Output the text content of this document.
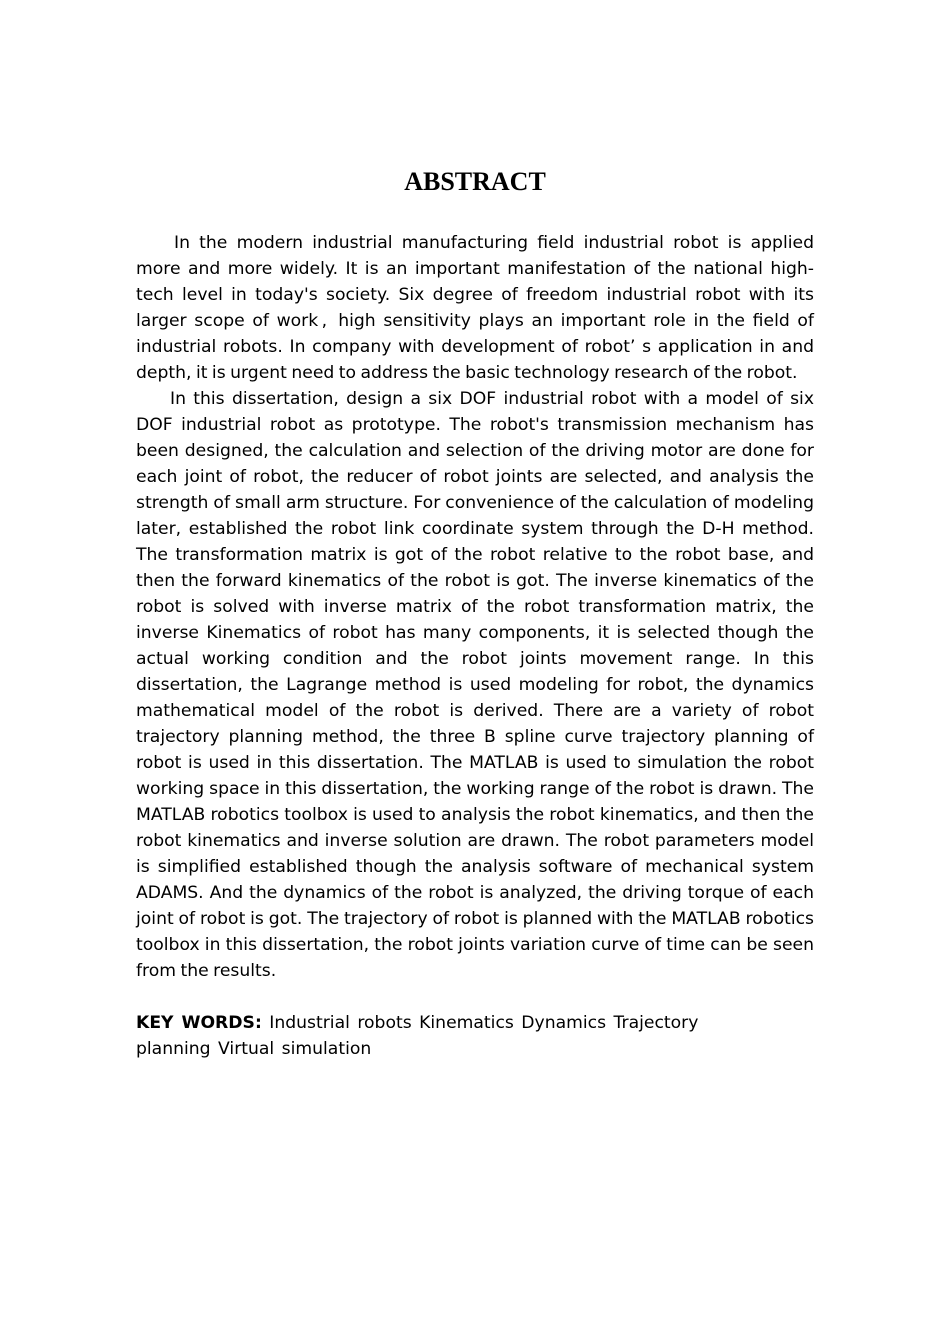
ABSTRACT

In the modern industrial manufacturing field industrial robot is applied more and more widely. It is an important manifestation of the national high-tech level in today's society. Six degree of freedom industrial robot with its larger scope of work ,  high sensitivity plays an important role in the field of industrial robots. In company with development of robot’ s application in and depth, it is urgent need to address the basic technology research of the robot.

In this dissertation, design a six DOF industrial robot with a model of six DOF industrial robot as prototype. The robot's transmission mechanism has been designed, the calculation and selection of the driving motor are done for each joint of robot, the reducer of robot joints are selected, and analysis the strength of small arm structure. For convenience of the calculation of modeling later, established the robot link coordinate system through the D-H method. The transformation matrix is got of the robot relative to the robot base, and then the forward kinematics of the robot is got. The inverse kinematics of the robot is solved with inverse matrix of the robot transformation matrix, the inverse Kinematics of robot has many components, it is selected though the actual working condition and the robot joints movement range. In this dissertation, the Lagrange method is used modeling for robot, the dynamics mathematical model of the robot is derived. There are a variety of robot trajectory planning method, the three B spline curve trajectory planning of robot is used in this dissertation. The MATLAB is used to simulation the robot working space in this dissertation, the working range of the robot is drawn. The MATLAB robotics toolbox is used to analysis the robot kinematics, and then the robot kinematics and inverse solution are drawn. The robot parameters model is simplified established though the analysis software of mechanical system ADAMS. And the dynamics of the robot is analyzed, the driving torque of each joint of robot is got. The trajectory of robot is planned with the MATLAB robotics toolbox in this dissertation, the robot joints variation curve of time can be seen from the results.

KEY WORDS: Industrial robots Kinematics Dynamics Trajectory planning Virtual simulation
